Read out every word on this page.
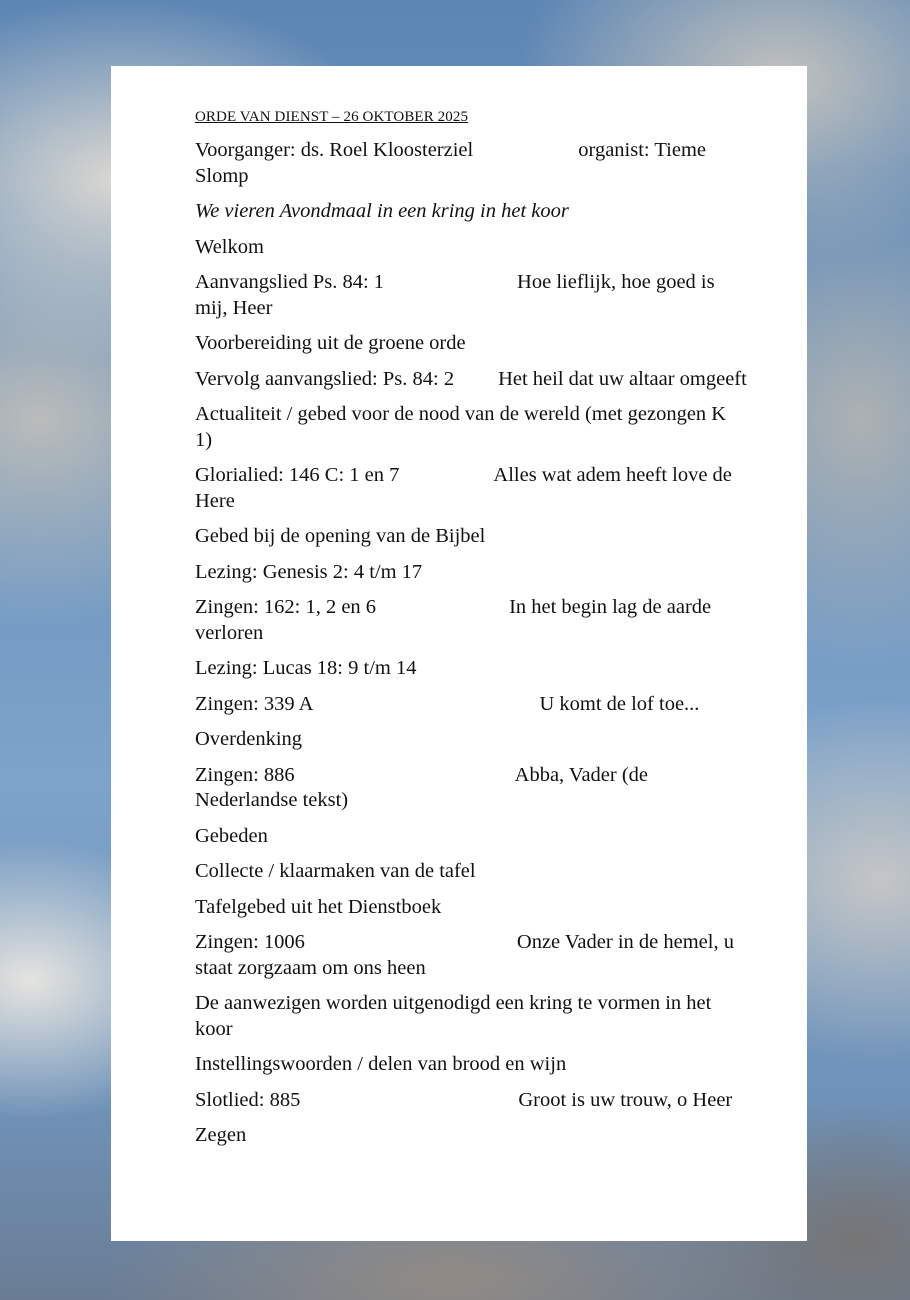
ORDE VAN DIENST – 26 OKTOBER 2025
Voorganger: ds. Roel Kloosterziel	organist: Tieme Slomp
We vieren Avondmaal in een kring in het koor
Welkom
Aanvangslied Ps. 84: 1	Hoe lieflijk, hoe goed is mij, Heer
Voorbereiding uit de groene orde
Vervolg aanvangslied: Ps. 84: 2 Het heil dat uw altaar omgeeft
Actualiteit / gebed voor de nood van de wereld (met gezongen K 1)
Glorialied: 146 C: 1 en 7	Alles wat adem heeft love de Here
Gebed bij de opening van de Bijbel
Lezing: Genesis 2: 4 t/m 17
Zingen: 162: 1, 2 en 6	In het begin lag de aarde verloren
Lezing: Lucas 18: 9 t/m 14
Zingen: 339 A	U komt de lof toe...
Overdenking
Zingen: 886	Abba, Vader (de Nederlandse tekst)
Gebeden
Collecte / klaarmaken van de tafel
Tafelgebed uit het Dienstboek
Zingen: 1006	Onze Vader in de hemel, u staat zorgzaam om ons heen
De aanwezigen worden uitgenodigd een kring te vormen in het koor
Instellingswoorden / delen van brood en wijn
Slotlied: 885	Groot is uw trouw, o Heer
Zegen
